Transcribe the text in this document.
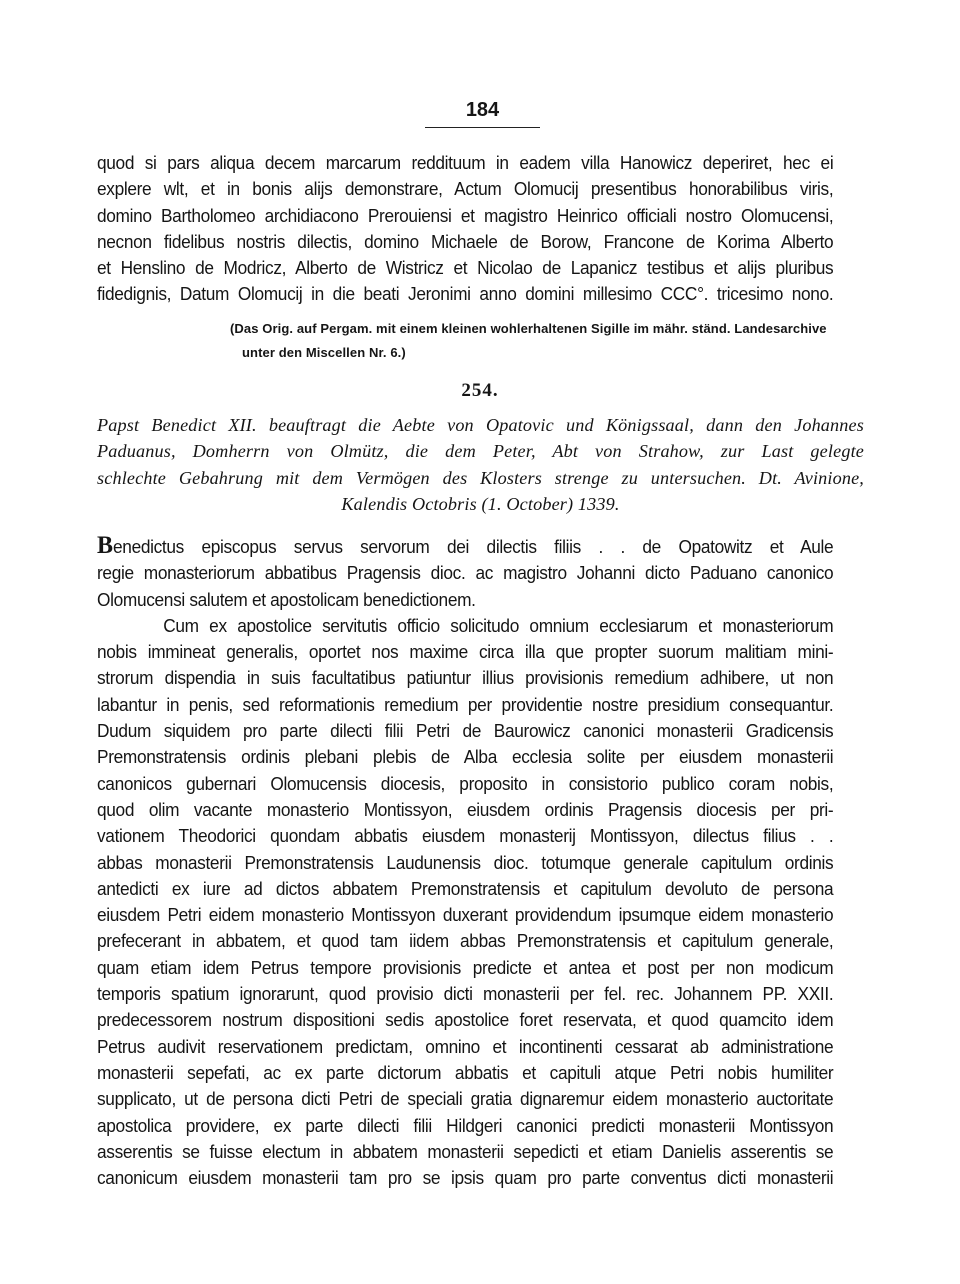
184
quod si pars aliqua decem marcarum reddituum in eadem villa Hanowicz deperiret, hec ei
explere wlt, et in bonis alijs demonstrare, Actum Olomucij presentibus honorabilibus viris,
domino Bartholomeo archidiacono Prerouiensi et magistro Heinrico officiali nostro Olomucensi,
necnon fidelibus nostris dilectis, domino Michaele de Borow, Francone de Korima Alberto
et Henslino de Modricz, Alberto de Wistricz et Nicolao de Lapanicz testibus et alijs pluribus
fidedignis, Datum Olomucij in die beati Jeronimi anno domini millesimo CCC°. tricesimo nono.
(Das Orig. auf Pergam. mit einem kleinen wohlerhaltenen Sigille im mähr. ständ. Landesarchive
unter den Miscellen Nr. 6.)
254.
Papst Benedict XII. beauftragt die Aebte von Opatovic und Königssaal, dann den Johannes
Paduanus, Domherrn von Olmütz, die dem Peter, Abt von Strahow, zur Last gelegte
schlechte Gebahrung mit dem Vermögen des Klosters strenge zu untersuchen. Dt. Avinione,
Kalendis Octobris (1. October) 1339.
Benedictus episcopus servus servorum dei dilectis filiis . . de Opatowitz et Aule
regie monasteriorum abbatibus Pragensis dioc. ac magistro Johanni dicto Paduano canonico
Olomucensi salutem et apostolicam benedictionem.
Cum ex apostolice servitutis officio solicitudo omnium ecclesiarum et monasteriorum
nobis immineat generalis, oportet nos maxime circa illa que propter suorum malitiam mini-
strorum dispendia in suis facultatibus patiuntur illius provisionis remedium adhibere, ut non
labantur in penis, sed reformationis remedium per providentie nostre presidium consequantur.
Dudum siquidem pro parte dilecti filii Petri de Baurowicz canonici monasterii Gradicensis
Premonstratensis ordinis plebani plebis de Alba ecclesia solite per eiusdem monasterii
canonicos gubernari Olomucensis diocesis, proposito in consistorio publico coram nobis,
quod olim vacante monasterio Montissyon, eiusdem ordinis Pragensis diocesis per pri-
vationem Theodorici quondam abbatis eiusdem monasterij Montissyon, dilectus filius . .
abbas monasterii Premonstratensis Laudunensis dioc. totumque generale capitulum ordinis
antedicti ex iure ad dictos abbatem Premonstratensis et capitulum devoluto de persona
eiusdem Petri eidem monasterio Montissyon duxerant providendum ipsumque eidem monasterio
prefecerant in abbatem, et quod tam iidem abbas Premonstratensis et capitulum generale,
quam etiam idem Petrus tempore provisionis predicte et antea et post per non modicum
temporis spatium ignorarunt, quod provisio dicti monasterii per fel. rec. Johannem PP. XXII.
predecessorem nostrum dispositioni sedis apostolice foret reservata, et quod quamcito idem
Petrus audivit reservationem predictam, omnino et incontinenti cessarat ab administratione
monasterii sepefati, ac ex parte dictorum abbatis et capituli atque Petri nobis humiliter
supplicato, ut de persona dicti Petri de speciali gratia dignaremur eidem monasterio auctoritate
apostolica providere, ex parte dilecti filii Hildgeri canonici predicti monasterii Montissyon
asserentis se fuisse electum in abbatem monasterii sepedicti et etiam Danielis asserentis se
canonicum eiusdem monasterii tam pro se ipsis quam pro parte conventus dicti monasterii
